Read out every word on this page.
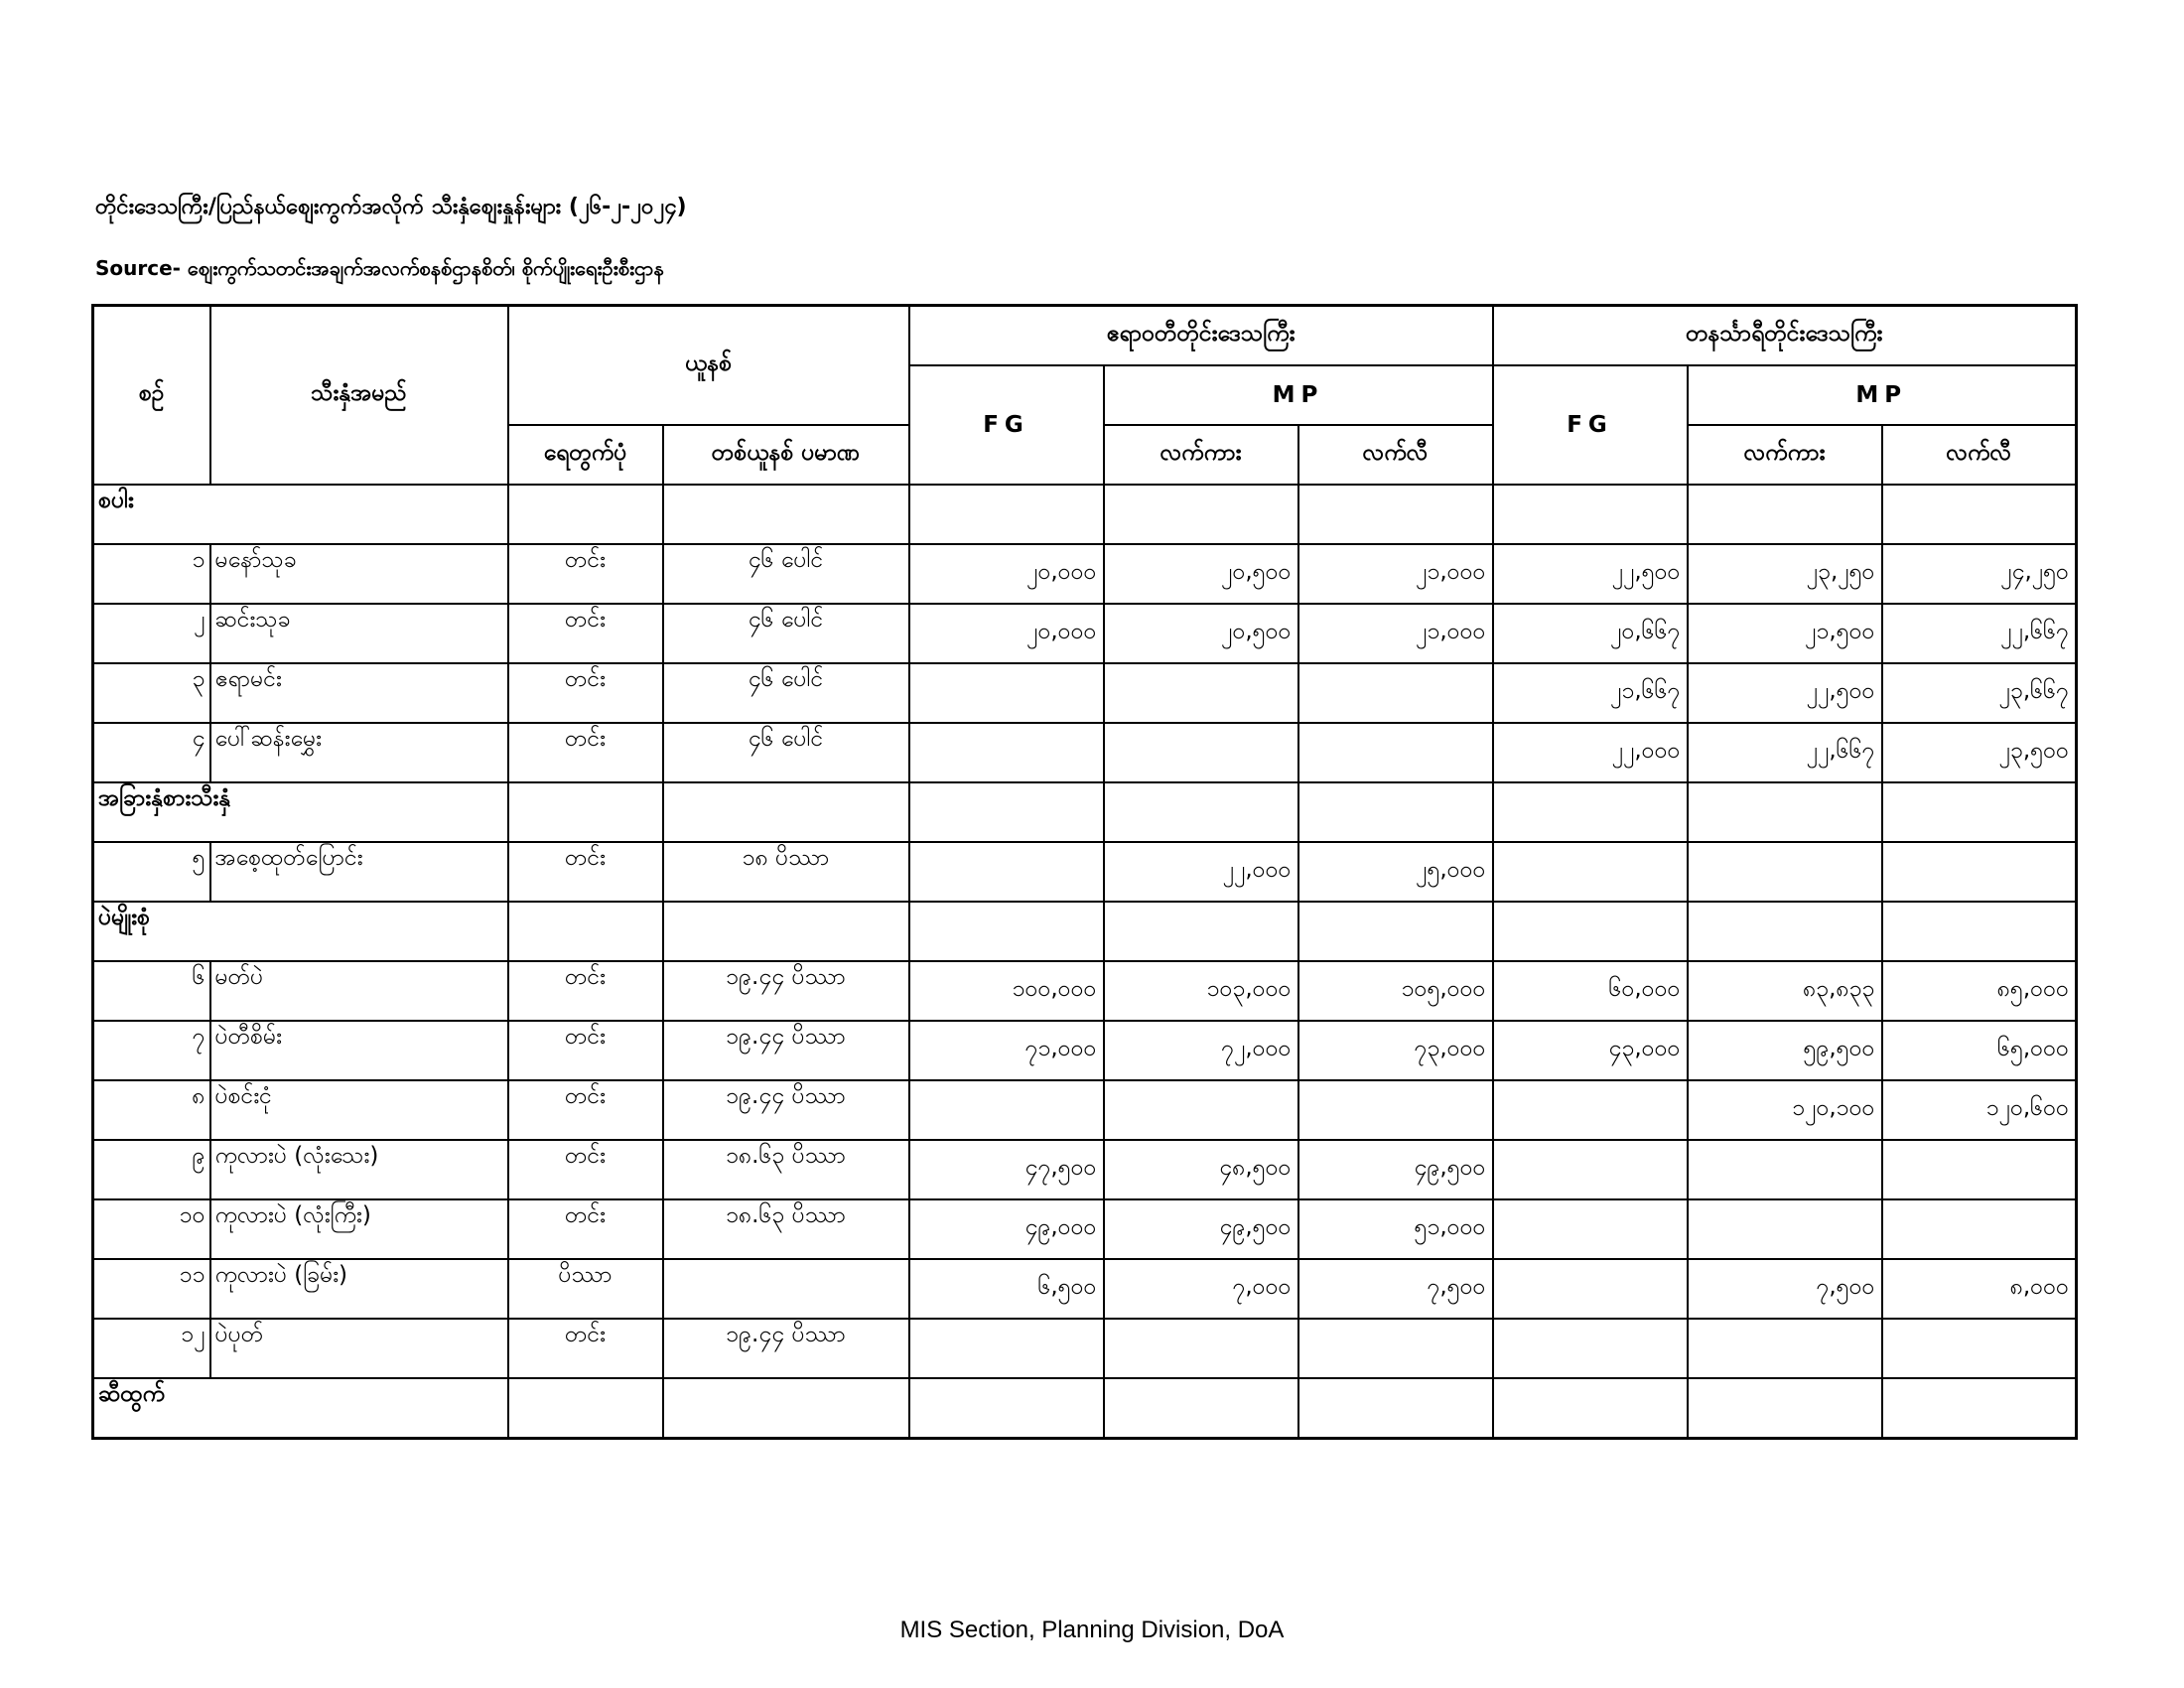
တိုင်းဒေသကြီး/ပြည်နယ်စျေးကွက်အလိုက် သီးနှံစျေးနှုန်းများ (၂၆-၂-၂၀၂၄)
Source- စျေးကွက်သတင်းအချက်အလက်စနစ်ဌာနစိတ်၊ စိုက်ပျိုးရေးဦးစီးဌာန
စဉ်	သီးနှံအမည်	ယူနစ်		ဧရာဝတီတိုင်းဒေသကြီး			တနင်္သာရီတိုင်းဒေသကြီး		
				FG	MP		FG	MP	
		ရေတွက်ပုံ	တစ်ယူနစ် ပမာဏ		လက်ကား	လက်လီ		လက်ကား	လက်လီ
စပါး									
၁	မနော်သုခ	တင်း	၄၆ ပေါင်	၂၀,၀၀၀	၂၀,၅၀၀	၂၁,၀၀၀	၂၂,၅၀၀	၂၃,၂၅၀	၂၄,၂၅၀
၂	ဆင်းသုခ	တင်း	၄၆ ပေါင်	၂၀,၀၀၀	၂၀,၅၀၀	၂၁,၀၀၀	၂၀,၆၆၇	၂၁,၅၀၀	၂၂,၆၆၇
၃	ဧရာမင်း	တင်း	၄၆ ပေါင်				၂၁,၆၆၇	၂၂,၅၀၀	၂၃,၆၆၇
၄	ပေါ်ဆန်းမွှေး	တင်း	၄၆ ပေါင်				၂၂,၀၀၀	၂၂,၆၆၇	၂၃,၅၀၀
အခြားနှံစားသီးနှံ									
၅	အစေ့ထုတ်ပြောင်း	တင်း	၁၈ ပိဿာ		၂၂,၀၀၀	၂၅,၀၀၀			
ပဲမျိုးစုံ									
၆	မတ်ပဲ	တင်း	၁၉.၄၄ ပိဿာ	၁၀၀,၀၀၀	၁၀၃,၀၀၀	၁၀၅,၀၀၀	၆၀,၀၀၀	၈၃,၈၃၃	၈၅,၀၀၀
၇	ပဲတီစိမ်း	တင်း	၁၉.၄၄ ပိဿာ	၇၁,၀၀၀	၇၂,၀၀၀	၇၃,၀၀၀	၄၃,၀၀၀	၅၉,၅၀၀	၆၅,၀၀၀
၈	ပဲစင်းငုံ	တင်း	၁၉.၄၄ ပိဿာ					၁၂၀,၁၀၀	၁၂၀,၆၀၀
၉	ကုလားပဲ (လုံးသေး)	တင်း	၁၈.၆၃ ပိဿာ	၄၇,၅၀၀	၄၈,၅၀၀	၄၉,၅၀၀			
၁၀	ကုလားပဲ (လုံးကြီး)	တင်း	၁၈.၆၃ ပိဿာ	၄၉,၀၀၀	၄၉,၅၀၀	၅၁,၀၀၀			
၁၁	ကုလားပဲ (ခြမ်း)	ပိဿာ		၆,၅၀၀	၇,၀၀၀	၇,၅၀၀		၇,၅၀၀	၈,၀၀၀
၁၂	ပဲပုတ်	တင်း	၁၉.၄၄ ပိဿာ						
ဆီထွက်									
MIS Section, Planning Division, DoA
